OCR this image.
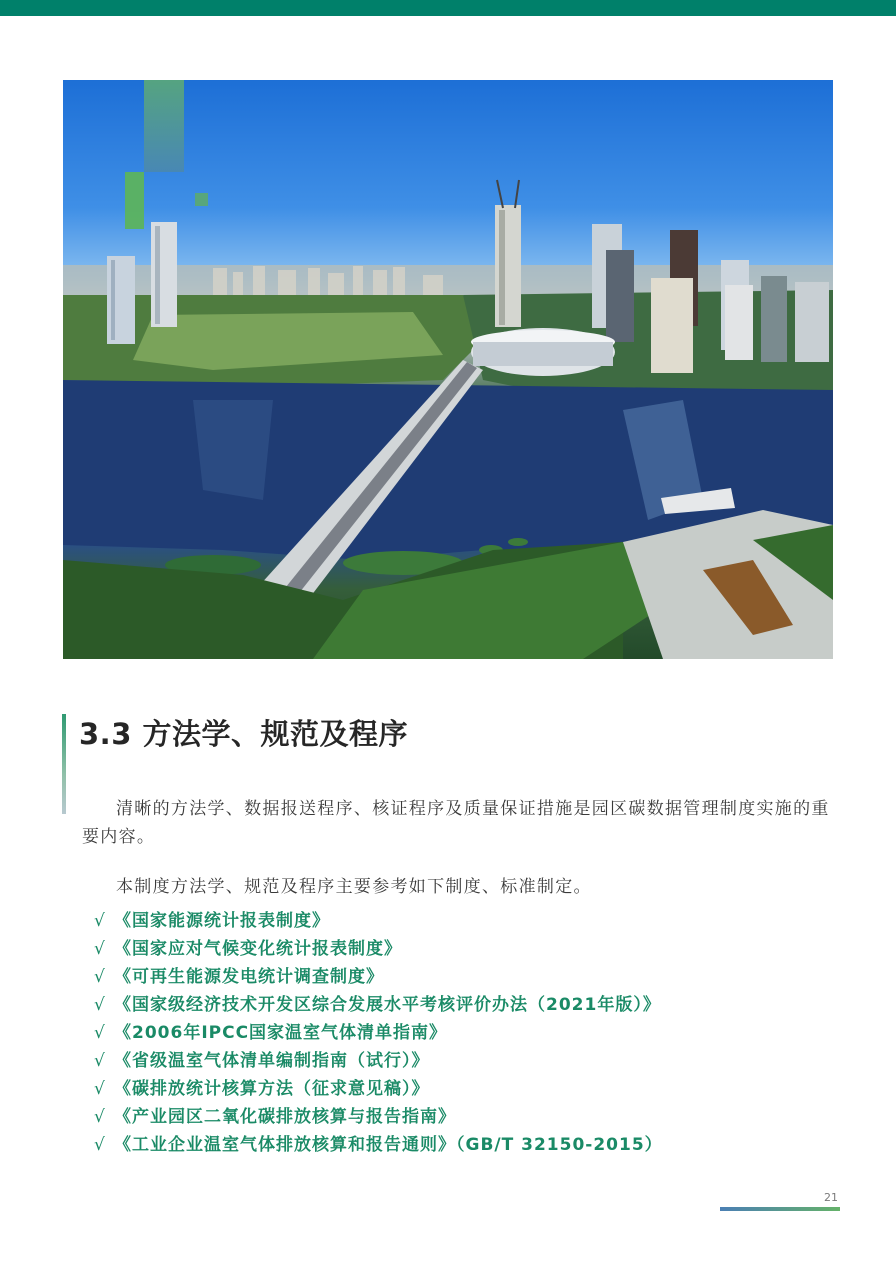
3.3 方法学、规范及程序

清晰的方法学、数据报送程序、核证程序及质量保证措施是园区碳数据管理制度实施的重要内容。

本制度方法学、规范及程序主要参考如下制度、标准制定。

√ 《国家能源统计报表制度》
√ 《国家应对气候变化统计报表制度》
√ 《可再生能源发电统计调查制度》
√ 《国家级经济技术开发区综合发展水平考核评价办法（2021年版）》
√ 《2006年IPCC国家温室气体清单指南》
√ 《省级温室气体清单编制指南（试行）》
√ 《碳排放统计核算方法（征求意见稿）》
√ 《产业园区二氧化碳排放核算与报告指南》
√ 《工业企业温室气体排放核算和报告通则》（GB/T 32150-2015）
21
